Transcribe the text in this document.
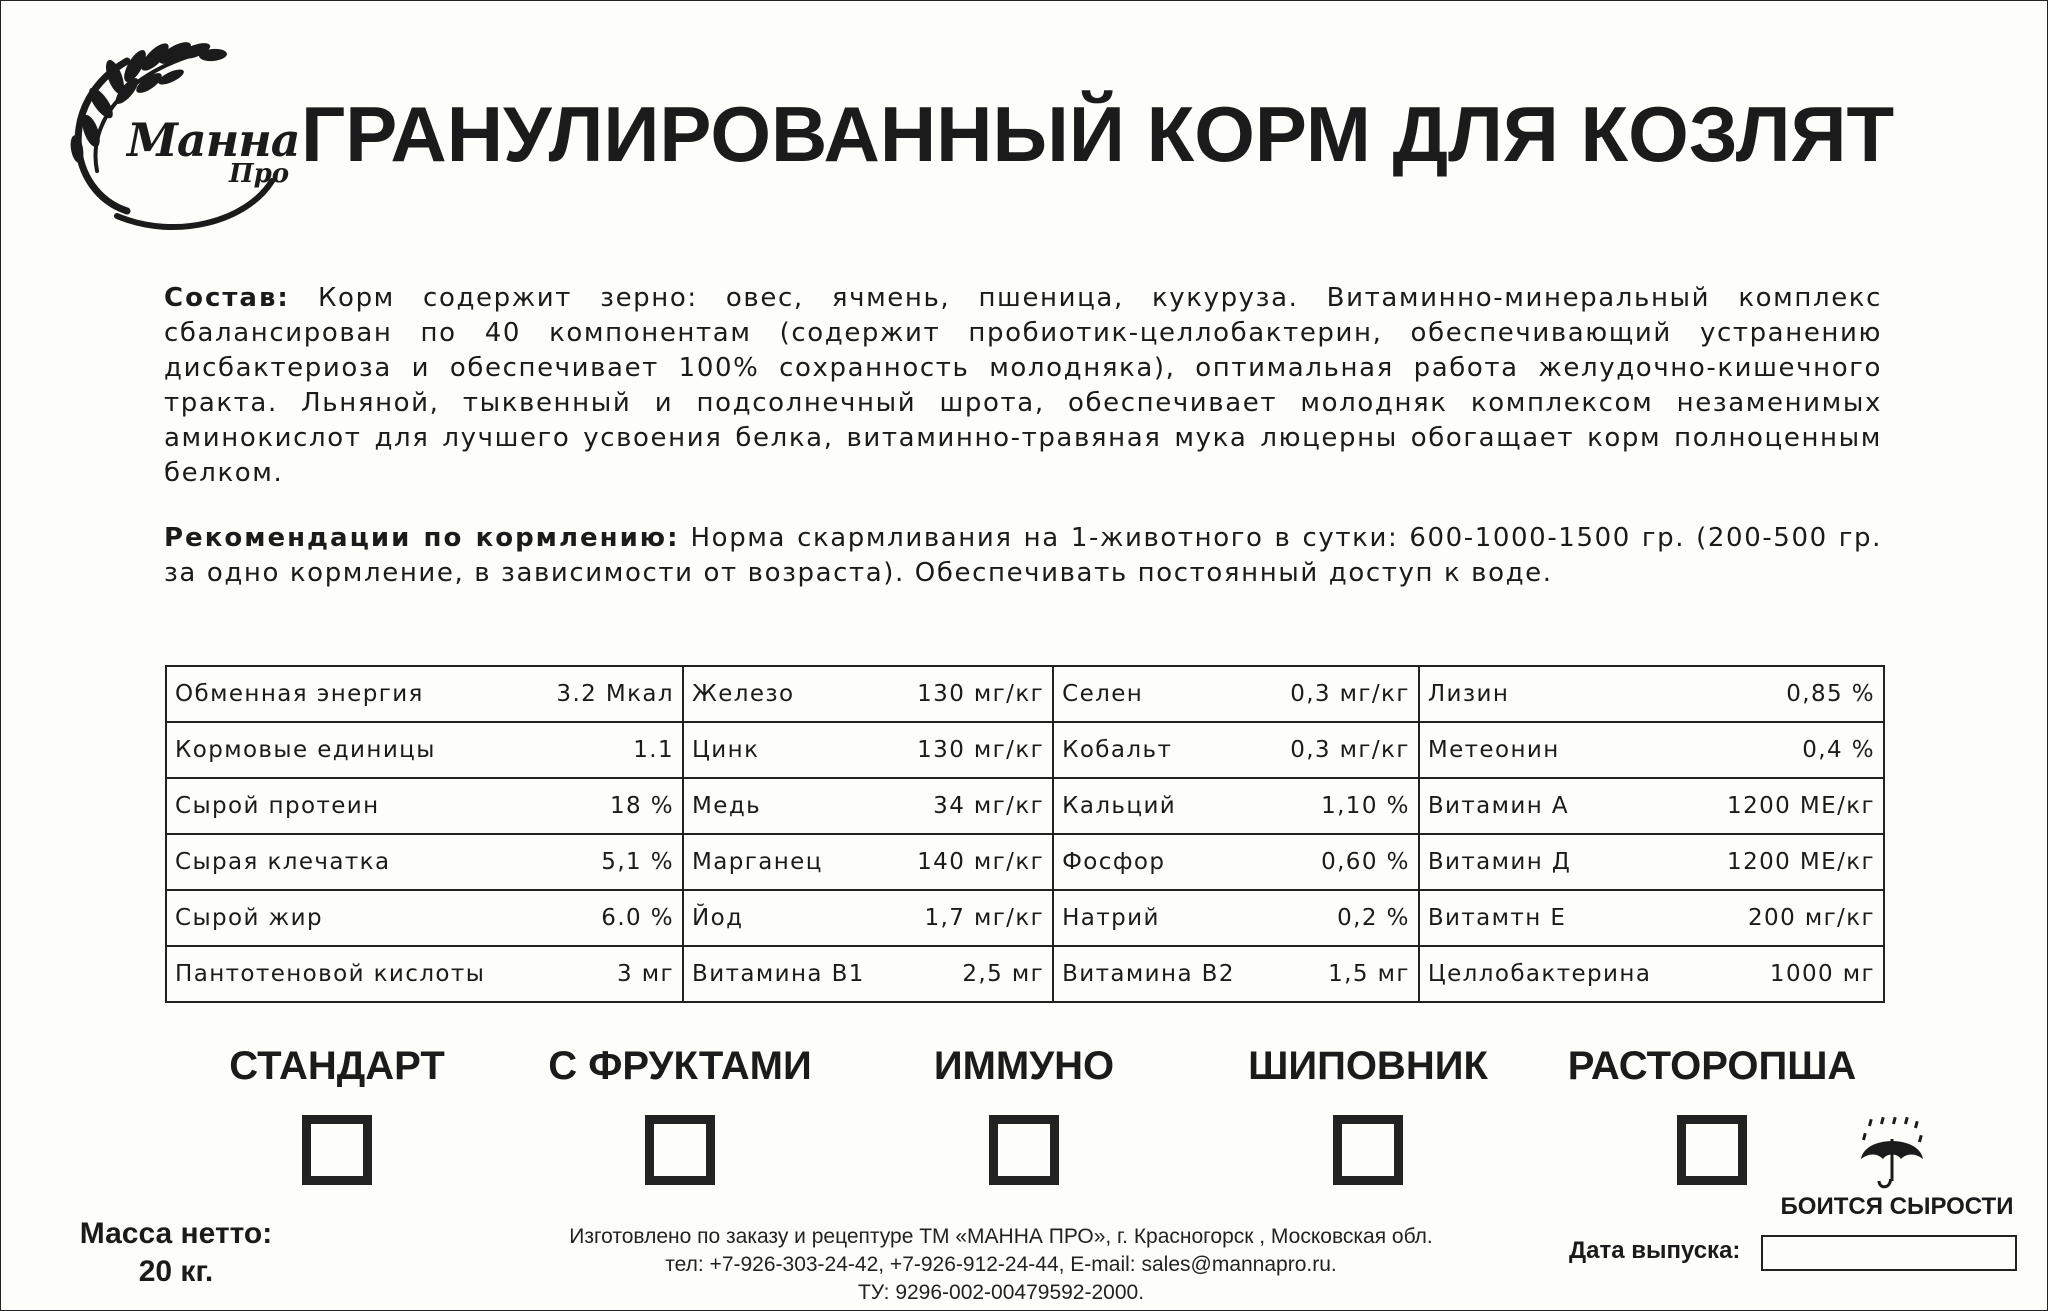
Манна
Про ГРАНУЛИРОВАННЫЙ КОРМ ДЛЯ КОЗЛЯТ
Состав: Корм содержит зерно: овес, ячмень, пшеница, кукуруза. Витаминно-минеральный комплекс сбалансирован по 40 компонентам (содержит пробиотик-целлобактерин, обеспечивающий устранению дисбактериоза и обеспечивает 100% сохранность молодняка), оптимальная работа желудочно-кишечного тракта. Льняной, тыквенный и подсолнечный шрота, обеспечивает молодняк комплексом незаменимых аминокислот для лучшего усвоения белка, витаминно-травяная мука люцерны обогащает корм полноценным белком.
Рекомендации по кормлению: Норма скармливания на 1-животного в сутки: 600-1000-1500 гр. (200-500 гр. за одно кормление, в зависимости от возраста). Обеспечивать постоянный доступ к воде.
Обменная энергия 3.2 Мкал	Железо 130 мг/кг	Селен 0,3 мг/кг	Лизин 0,85 %

Кормовые единицы 1.1	Цинк 130 мг/кг	Кобальт 0,3 мг/кг	Метеонин 0,4 %

Сырой протеин 18 %	Медь 34 мг/кг	Кальций 1,10 %	Витамин А 1200 МЕ/кг

Сырая клечатка 5,1 %	Марганец 140 мг/кг	Фосфор 0,60 %	Витамин Д 1200 МЕ/кг

Сырой жир 6.0 %	Йод 1,7 мг/кг	Натрий 0,2 %	Витамтн Е 200 мг/кг

Пантотеновой кислоты 3 мг	Витамина В1 2,5 мг	Витамина В2 1,5 мг	Целлобактерина 1000 мг
СТАНДАРТ	С ФРУКТАМИ	ИММУНО	ШИПОВНИК	РАСТОРОПША
БОИТСЯ СЫРОСТИ
Масса нетто:
20 кг.
Изготовлено по заказу и рецептуре ТМ «МАННА ПРО», г. Красногорск , Московская обл.
тел: +7-926-303-24-42, +7-926-912-24-44, E-mail: sales@mannapro.ru.
ТУ: 9296-002-00479592-2000.
Дата выпуска:
